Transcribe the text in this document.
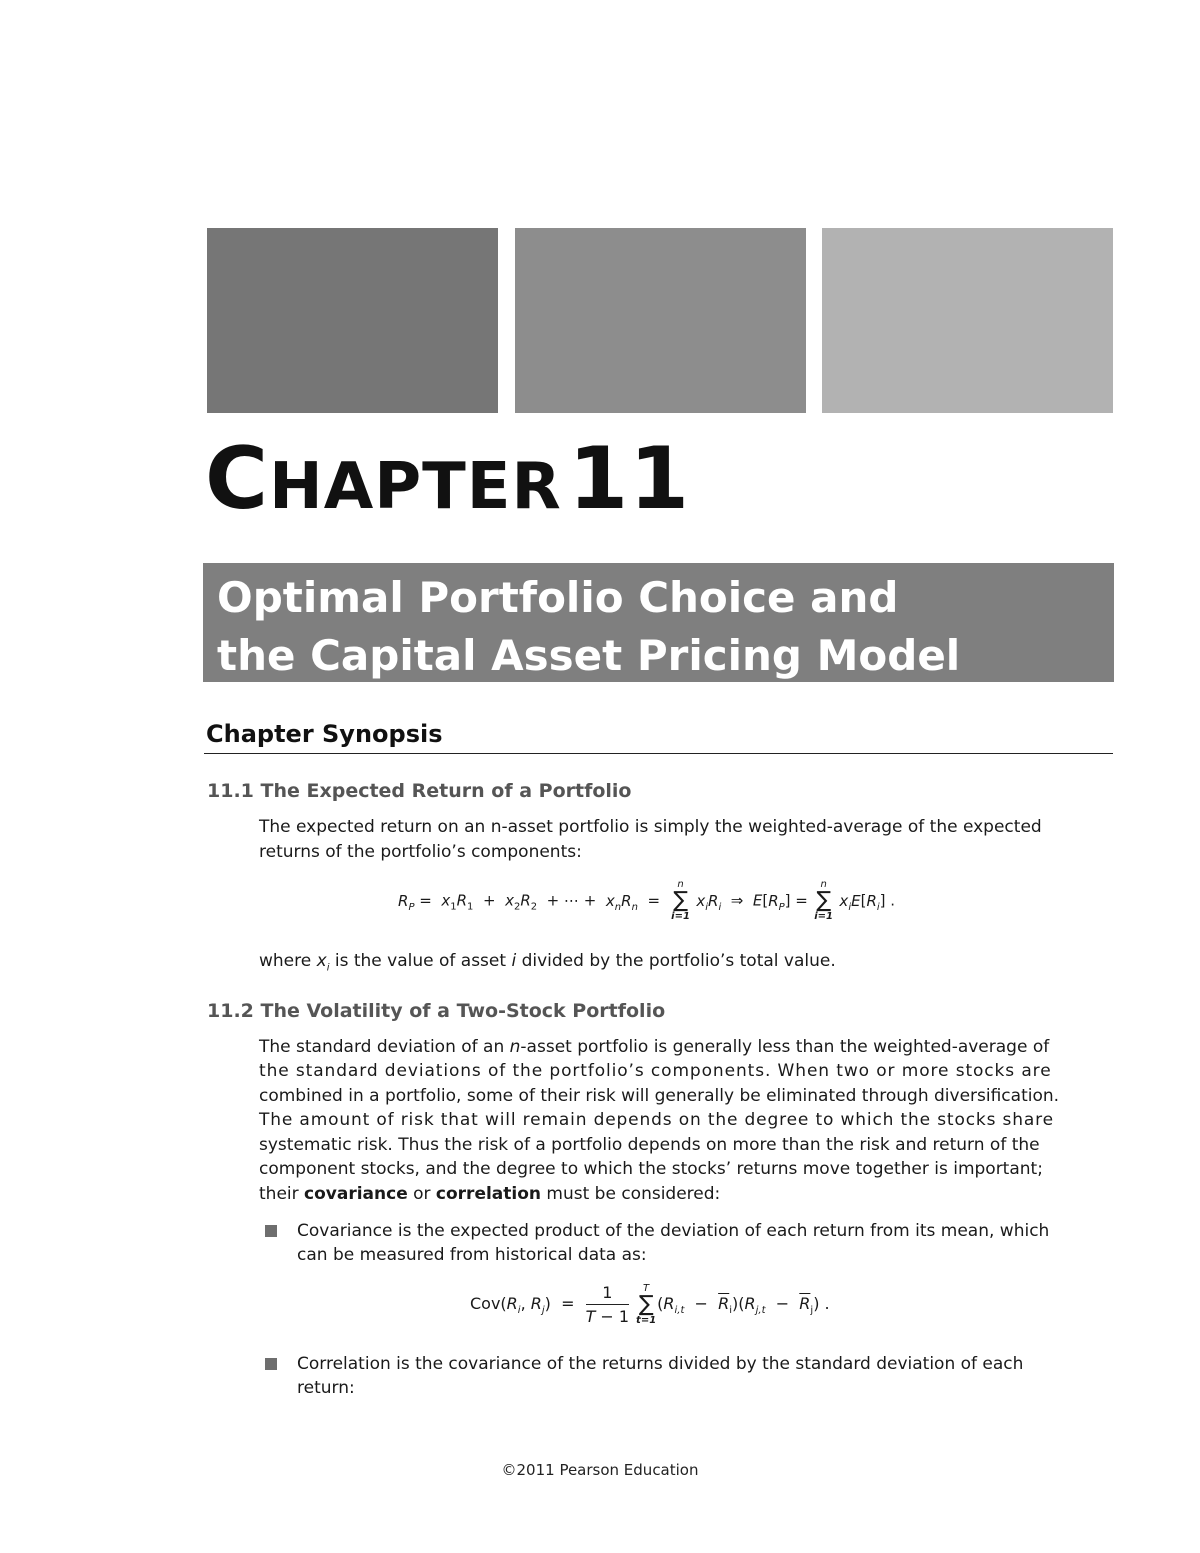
CHAPTER 11
Optimal Portfolio Choice and
the Capital Asset Pricing Model
Chapter Synopsis
11.1 The Expected Return of a Portfolio
The expected return on an n-asset portfolio is simply the weighted-average of the expected
returns of the portfolio’s components:
$R_P = x_1R_1 + x_2R_2$  + ⋯ +  $x_nR_n$  =
n
∑
i=1
$x_iR_i$  ⇒  $E[R_P]$ =
n
∑
i=1
$x_iE[R_i]$ .
where $x_i$ is the value of asset i divided by the portfolio’s total value.
11.2 The Volatility of a Two-Stock Portfolio
The standard deviation of an n-asset portfolio is generally less than the weighted-average of
the standard deviations of the portfolio’s components. When two or more stocks are
combined in a portfolio, some of their risk will generally be eliminated through diversification.
The amount of risk that will remain depends on the degree to which the stocks share
systematic risk. Thus the risk of a portfolio depends on more than the risk and return of the
component stocks, and the degree to which the stocks’ returns move together is important;
their covariance or correlation must be considered:
Covariance is the expected product of the deviation of each return from its mean, which
can be measured from historical data as:
$Cov(R_i$, $R_j) = \frac{1}{T - 1}$	T
∑
t=1
$(R_{i,t} - \overline{R}_i)(R_{j,t} - \overline{R}_j)$ .
Correlation is the covariance of the returns divided by the standard deviation of each
return:
©2011 Pearson Education
